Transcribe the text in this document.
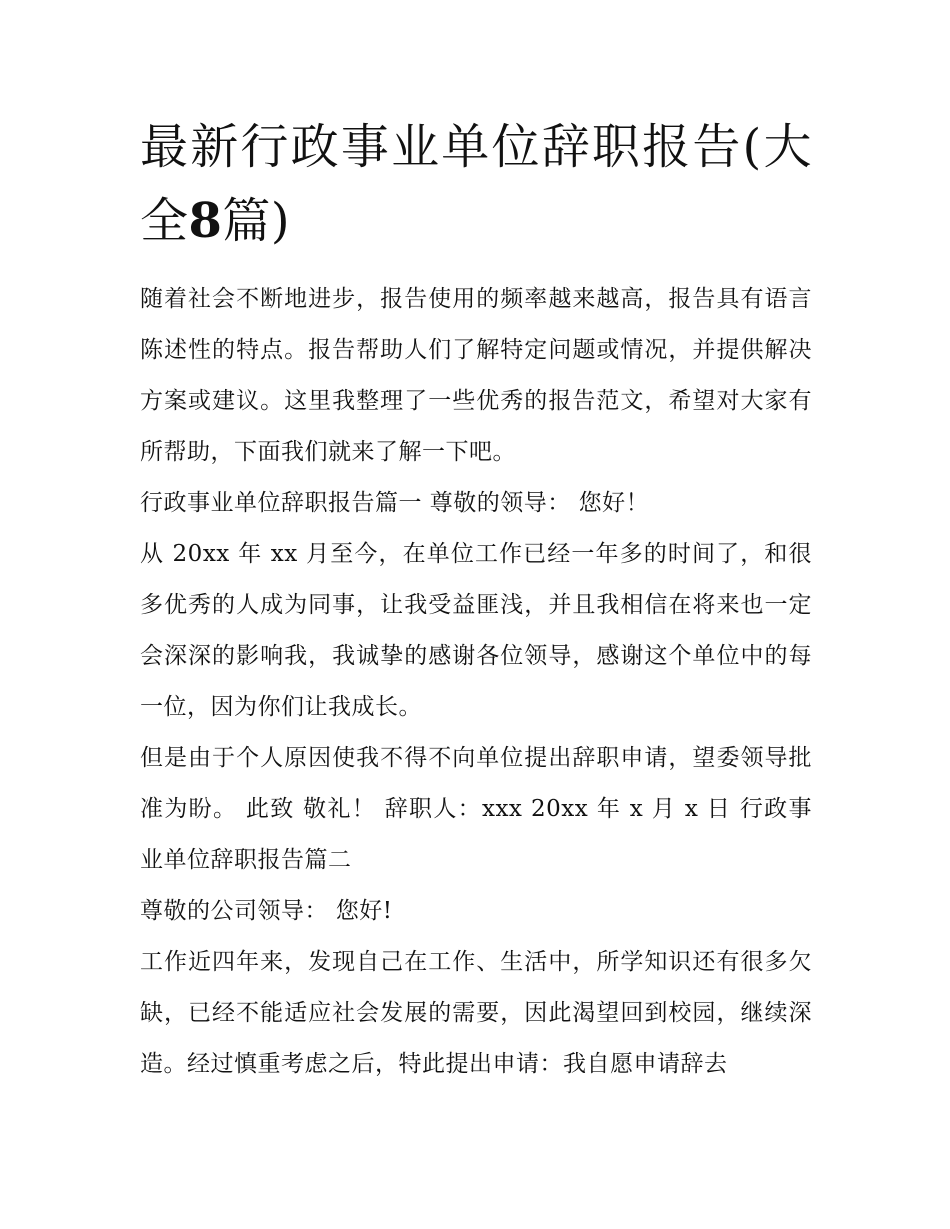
最新行政事业单位辞职报告(大全8篇)

随着社会不断地进步，报告使用的频率越来越高，报告具有语言陈述性的特点。报告帮助人们了解特定问题或情况，并提供解决方案或建议。这里我整理了一些优秀的报告范文，希望对大家有所帮助，下面我们就来了解一下吧。

行政事业单位辞职报告篇一 尊敬的领导： 您好！

从 20xx 年 xx 月至今，在单位工作已经一年多的时间了，和很多优秀的人成为同事，让我受益匪浅，并且我相信在将来也一定会深深的影响我，我诚挚的感谢各位领导，感谢这个单位中的每一位，因为你们让我成长。

但是由于个人原因使我不得不向单位提出辞职申请，望委领导批准为盼。 此致 敬礼！ 辞职人：xxx 20xx 年 x 月 x 日 行政事业单位辞职报告篇二

尊敬的公司领导： 您好!

工作近四年来，发现自己在工作、生活中，所学知识还有很多欠缺，已经不能适应社会发展的需要，因此渴望回到校园，继续深造。经过慎重考虑之后，特此提出申请：我自愿申请辞去
